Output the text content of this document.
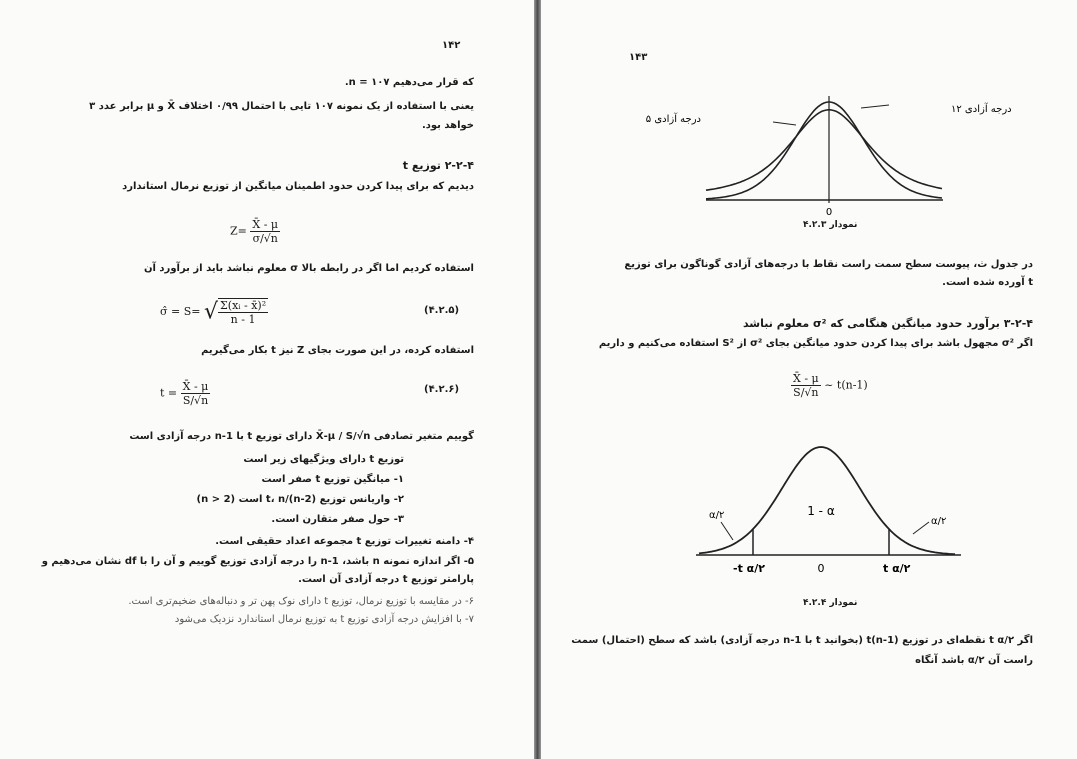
۱۴۲
که قرار می‌دهیم ۱۰۷ = n.
یعنی با استفاده از یک نمونه ۱۰۷ تایی با احتمال ۰/۹۹ اختلاف X̄ و μ برابر عدد ۳
خواهد بود.
۲-۲-۴ توزیع t
دیدیم که برای پیدا کردن حدود اطمینان میانگین از توزیع نرمال استاندارد
$Z= \frac{X̄ - \mu}{\sigma/√n}$
استفاده کردیم اما اگر در رابطه بالا σ معلوم نباشد باید از برآورد آن
(۴.۲.۵)
σ̂ = S= √ $\frac{\text{Σ(xᵢ - x̄)²}}{n - 1}$
استفاده کرده، در این صورت بجای Z نیز t بکار می‌گیریم
(۴.۲.۶)
$t = \frac{X̄ - \mu}{S/√n}$
گوییم متغیر تصادفی X̄-μ / S/√n دارای توزیع t با n-1 درجه آزادی است
توزیع t دارای ویژگیهای زیر است
۱- میانگین توزیع t صفر است
۲- واریانس توزیع t، n/(n-2) است (n > 2)
۳- حول صفر متقارن است.
۴- دامنه تغییرات توزیع t مجموعه اعداد حقیقی است.
۵- اگر اندازه نمونه n باشد، n-1 را درجه آزادی توزیع گوییم و آن را با df نشان می‌دهیم و
پارامتر توزیع t درجه آزادی آن است.
۶- در مقایسه با توزیع نرمال، توزیع t دارای نوک پهن تر و دنباله‌های ضخیم‌تری است.
۷- با افزایش درجه آزادی توزیع t به توزیع نرمال استاندارد نزدیک می‌شود
۱۴۳
درجه آزادی ۱۲
درجه آزادی ۵
0
نمودار ۴.۲.۳
در جدول ث، پیوست سطح سمت راست نقاط با درجه‌های آزادی گوناگون برای توزیع
t آورده شده است.
۳-۲-۴ برآورد حدود میانگین هنگامی که σ² معلوم نباشد
اگر σ² مجهول باشد برای پیدا کردن حدود میانگین بجای σ² از S² استفاده می‌کنیم و داریم
$\frac{X̄ - \mu}{S/√n}$ ~ t(n-1)
1 - α
α/۲
α/۲
-t α/۲	0	t α/۲
نمودار ۴.۲.۴
اگر t α/۲ نقطه‌ای در توزیع t(n-1) (بخوانید t با n-1 درجه آزادی) باشد که سطح (احتمال) سمت
راست آن α/۲ باشد آنگاه
